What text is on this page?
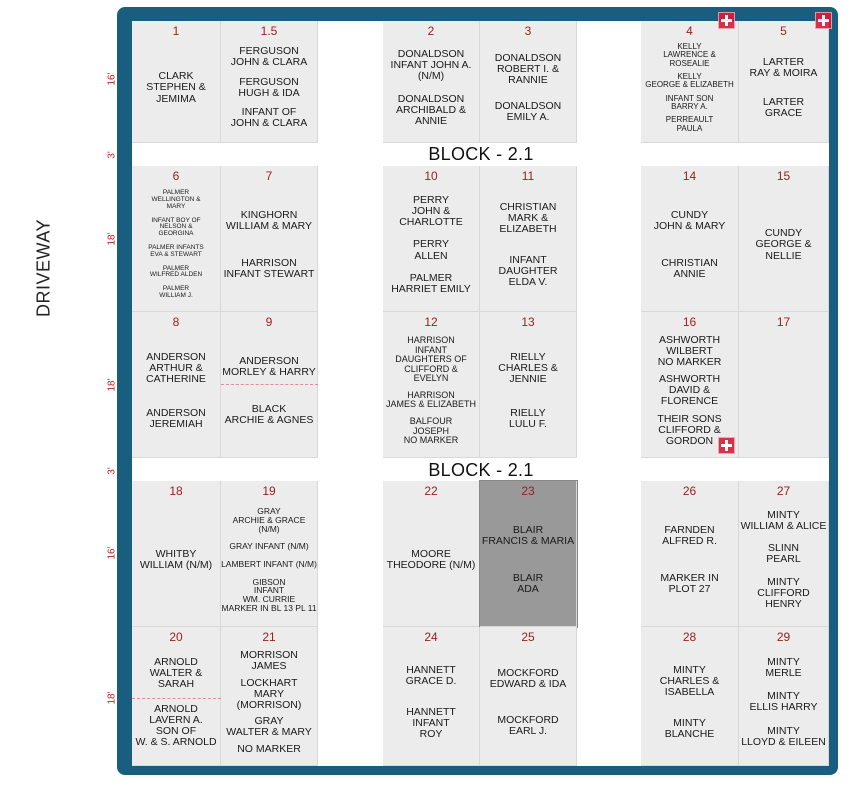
DRIVEWAY
16'
3'
18'
18'
3'
16'
18'
BLOCK - 2.1
BLOCK - 2.1
1
CLARK
STEPHEN & JEMIMA
1.5
FERGUSON
JOHN & CLARA
FERGUSON
HUGH & IDA
INFANT OF
JOHN & CLARA
2
DONALDSON
INFANT JOHN A.
(N/M)
DONALDSON
ARCHIBALD & ANNIE
3
DONALDSON
ROBERT I. &
RANNIE
DONALDSON
EMILY A.
4
KELLY
LAWRENCE &
ROSEALIE
KELLY
GEORGE & ELIZABETH
INFANT SON
BARRY A.
PERREAULT
PAULA
5
LARTER
RAY & MOIRA
LARTER
GRACE
6
PALMER
WELLINGTON &
MARY
INFANT BOY OF
NELSON &
GEORGINA
PALMER INFANTS
EVA & STEWART
PALMER
WILFRED ALDEN
PALMER
WILLIAM J.
7
KINGHORN
WILLIAM & MARY
HARRISON
INFANT STEWART
10
PERRY
JOHN &
CHARLOTTE
PERRY
ALLEN
PALMER
HARRIET EMILY
11
CHRISTIAN
MARK & ELIZABETH
INFANT DAUGHTER
ELDA V.
14
CUNDY
JOHN & MARY
CHRISTIAN
ANNIE
15
CUNDY
GEORGE & NELLIE
8
ANDERSON
ARTHUR &
CATHERINE
ANDERSON
JEREMIAH
9
ANDERSON
MORLEY & HARRY
BLACK
ARCHIE & AGNES
12
HARRISON
INFANT
DAUGHTERS OF
CLIFFORD &
EVELYN
HARRISON
JAMES & ELIZABETH
BALFOUR
JOSEPH
NO MARKER
13
RIELLY
CHARLES & JENNIE
RIELLY
LULU F.
16
ASHWORTH
WILBERT
NO MARKER
ASHWORTH
DAVID & FLORENCE
THEIR SONS
CLIFFORD &
GORDON
17
18
WHITBY
WILLIAM (N/M)
19
GRAY
ARCHIE & GRACE (N/M)
GRAY INFANT (N/M)
LAMBERT INFANT (N/M)
GIBSON
INFANT
WM. CURRIE
MARKER IN BL 13 PL 11
22
MOORE
THEODORE (N/M)
23
BLAIR
FRANCIS & MARIA
BLAIR
ADA
26
FARNDEN
ALFRED R.
MARKER IN
PLOT 27
27
MINTY
WILLIAM & ALICE
SLINN
PEARL
MINTY
CLIFFORD HENRY
20
ARNOLD
WALTER & SARAH
ARNOLD
LAVERN A.
SON OF
W. & S. ARNOLD
21
MORRISON
JAMES
LOCKHART
MARY (MORRISON)
GRAY
WALTER & MARY
NO MARKER
24
HANNETT
GRACE D.
HANNETT
INFANT
ROY
25
MOCKFORD
EDWARD & IDA
MOCKFORD
EARL J.
28
MINTY
CHARLES &
ISABELLA
MINTY
BLANCHE
29
MINTY
MERLE
MINTY
ELLIS HARRY
MINTY
LLOYD & EILEEN
